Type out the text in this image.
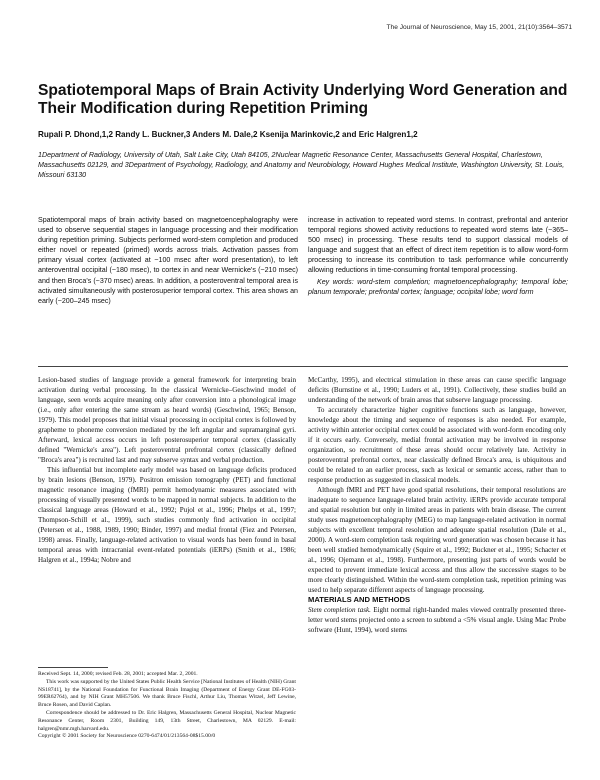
The Journal of Neuroscience, May 15, 2001, 21(10):3564–3571
Spatiotemporal Maps of Brain Activity Underlying Word Generation and Their Modification during Repetition Priming
Rupali P. Dhond,1,2 Randy L. Buckner,3 Anders M. Dale,2 Ksenija Marinkovic,2 and Eric Halgren1,2
1Department of Radiology, University of Utah, Salt Lake City, Utah 84105, 2Nuclear Magnetic Resonance Center, Massachusetts General Hospital, Charlestown, Massachusetts 02129, and 3Department of Psychology, Radiology, and Anatomy and Neurobiology, Howard Hughes Medical Institute, Washington University, St. Louis, Missouri 63130

Spatiotemporal maps of brain activity based on magnetoencephalography were used to observe sequential stages in language processing and their modification during repetition priming. Subjects performed word-stem completion and produced either novel or repeated (primed) words across trials. Activation passes from primary visual cortex (activated at ~100 msec after word presentation), to left anteroventral occipital (~180 msec), to cortex in and near Wernicke's (~210 msec) and then Broca's (~370 msec) areas. In addition, a posteroventral temporal area is activated simultaneously with posterosuperior temporal cortex. This area shows an early (~200–245 msec)

increase in activation to repeated word stems. In contrast, prefrontal and anterior temporal regions showed activity reductions to repeated word stems late (~365–500 msec) in processing. These results tend to support classical models of language and suggest that an effect of direct item repetition is to allow word-form processing to increase its contribution to task performance while concurrently allowing reductions in time-consuming frontal temporal processing.

Key words: word-stem completion; magnetoencephalography; temporal lobe; planum temporale; prefrontal cortex; language; occipital lobe; word form

Lesion-based studies of language provide a general framework for interpreting brain activation during verbal processing. In the classical Wernicke–Geschwind model of language, seen words acquire meaning only after conversion into a phonological image (i.e., only after entering the same stream as heard words) (Geschwind, 1965; Benson, 1979). This model proposes that initial visual processing in occipital cortex is followed by grapheme to phoneme conversion mediated by the left angular and supramarginal gyri. Afterward, lexical access occurs in left posterosuperior temporal cortex (classically defined "Wernicke's area"). Left posteroventral prefrontal cortex (classically defined "Broca's area") is recruited last and may subserve syntax and verbal production.

This influential but incomplete early model was based on language deficits produced by brain lesions (Benson, 1979). Positron emission tomography (PET) and functional magnetic resonance imaging (fMRI) permit hemodynamic measures associated with processing of visually presented words to be mapped in normal subjects. In addition to the classical language areas (Howard et al., 1992; Pujol et al., 1996; Phelps et al., 1997; Thompson-Schill et al., 1999), such studies commonly find activation in occipital (Petersen et al., 1988, 1989, 1990; Binder, 1997) and medial frontal (Fiez and Petersen, 1998) areas. Finally, language-related activation to visual words has been found in basal temporal areas with intracranial event-related potentials (iERPs) (Smith et al., 1986; Halgren et al., 1994a; Nobre and

Received Sept. 14, 2000; revised Feb. 28, 2001; accepted Mar. 2, 2001.

This work was supported by the United States Public Health Service [National Institutes of Health (NIH) Grant NS18741], by the National Foundation for Functional Brain Imaging (Department of Energy Grant DE-FG03-99ER62764), and by NIH Grant MH57506. We thank Bruce Fischl, Arthur Liu, Thomas Witzel, Jeff Lewine, Bruce Rosen, and David Caplan.

Correspondence should be addressed to Dr. Eric Halgren, Massachusetts General Hospital, Nuclear Magnetic Resonance Center, Room 2301, Building 149, 13th Street, Charlestown, MA 02129. E-mail: halgren@nmr.mgh.harvard.edu.

Copyright © 2001 Society for Neuroscience 0270-6474/01/213564-08$15.00/0

McCarthy, 1995), and electrical stimulation in these areas can cause specific language deficits (Burnstine et al., 1990; Luders et al., 1991). Collectively, these studies build an understanding of the network of brain areas that subserve language processing.

To accurately characterize higher cognitive functions such as language, however, knowledge about the timing and sequence of responses is also needed. For example, activity within anterior occipital cortex could be associated with word-form encoding only if it occurs early. Conversely, medial frontal activation may be involved in response organization, so recruitment of these areas should occur relatively late. Activity in posteroventral prefrontal cortex, near classically defined Broca's area, is ubiquitous and could be related to an earlier process, such as lexical or semantic access, rather than to response production as suggested in classical models.

Although fMRI and PET have good spatial resolutions, their temporal resolutions are inadequate to sequence language-related brain activity. iERPs provide accurate temporal and spatial resolution but only in limited areas in patients with brain disease. The current study uses magnetoencephalography (MEG) to map language-related activation in normal subjects with excellent temporal resolution and adequate spatial resolution (Dale et al., 2000). A word-stem completion task requiring word generation was chosen because it has been well studied hemodynamically (Squire et al., 1992; Buckner et al., 1995; Schacter et al., 1996; Ojemann et al., 1998). Furthermore, presenting just parts of words would be expected to prevent immediate lexical access and thus allow the successive stages to be more clearly distinguished. Within the word-stem completion task, repetition priming was used to help separate different aspects of language processing.

MATERIALS AND METHODS

Stem completion task. Eight normal right-handed males viewed centrally presented three-letter word stems projected onto a screen to subtend a <5% visual angle. Using Mac Probe software (Hunt, 1994), word stems
